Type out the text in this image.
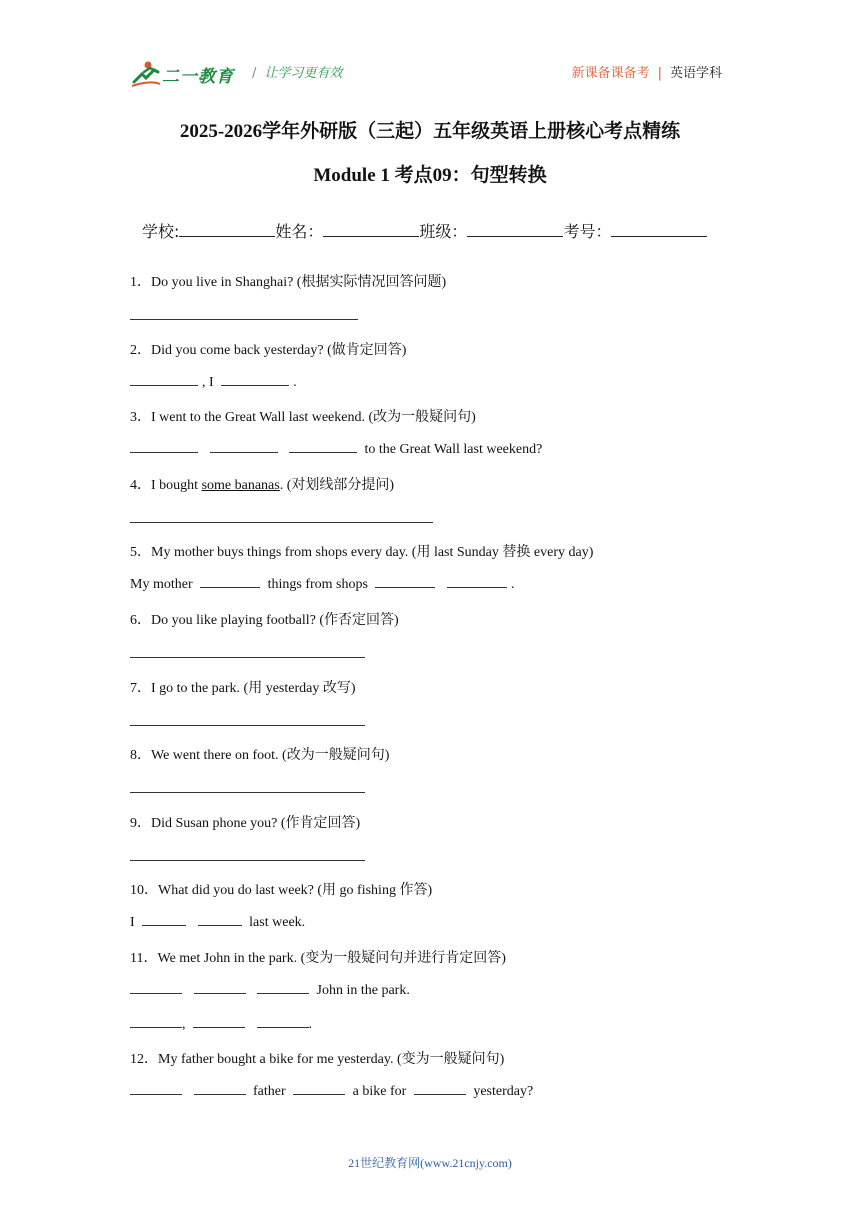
二一教育 / 让学习更有效	新课备课备考 | 英语学科
2025-2026学年外研版（三起）五年级英语上册核心考点精练
Module 1 考点09：句型转换
学校:	姓名：	班级：	考号：
1．Do you live in Shanghai? (根据实际情况回答问题)
2．Did you come back yesterday? (做肯定回答)
, I	.
3．I went to the Great Wall last weekend. (改为一般疑问句)
to the Great Wall last weekend?
4．I bought some bananas. (对划线部分提问)
5．My mother buys things from shops every day. (用 last Sunday 替换 every day)
My mother	things from shops	.
6．Do you like playing football? (作否定回答)
7．I go to the park. (用 yesterday 改写)
8．We went there on foot. (改为一般疑问句)
9．Did Susan phone you? (作肯定回答)
10．What did you do last week? (用 go fishing 作答)
I	last week.
11．We met John in the park. (变为一般疑问句并进行肯定回答)
John in the park.
,	.
12．My father bought a bike for me yesterday. (变为一般疑问句)
father	a bike for	yesterday?
21世纪教育网(www.21cnjy.com)
